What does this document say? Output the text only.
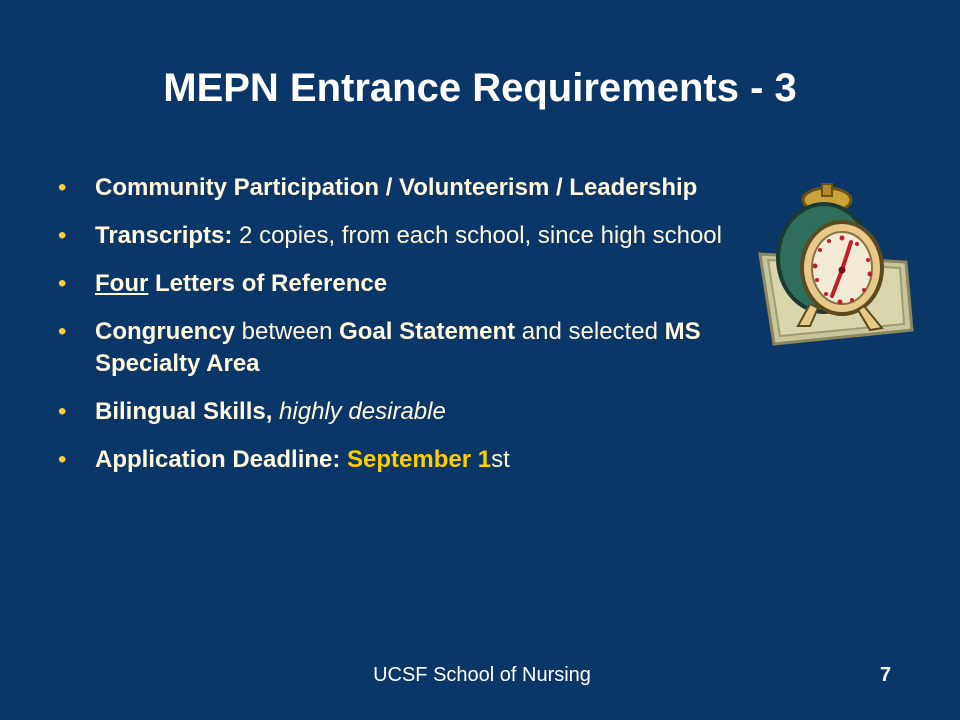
MEPN Entrance Requirements - 3
• Community Participation / Volunteerism / Leadership
• Transcripts: 2 copies, from each school, since high school
• Four Letters of Reference
• Congruency between Goal Statement and selected MS Specialty Area
• Bilingual Skills, highly desirable
• Application Deadline: September 1st
UCSF School of Nursing	7
